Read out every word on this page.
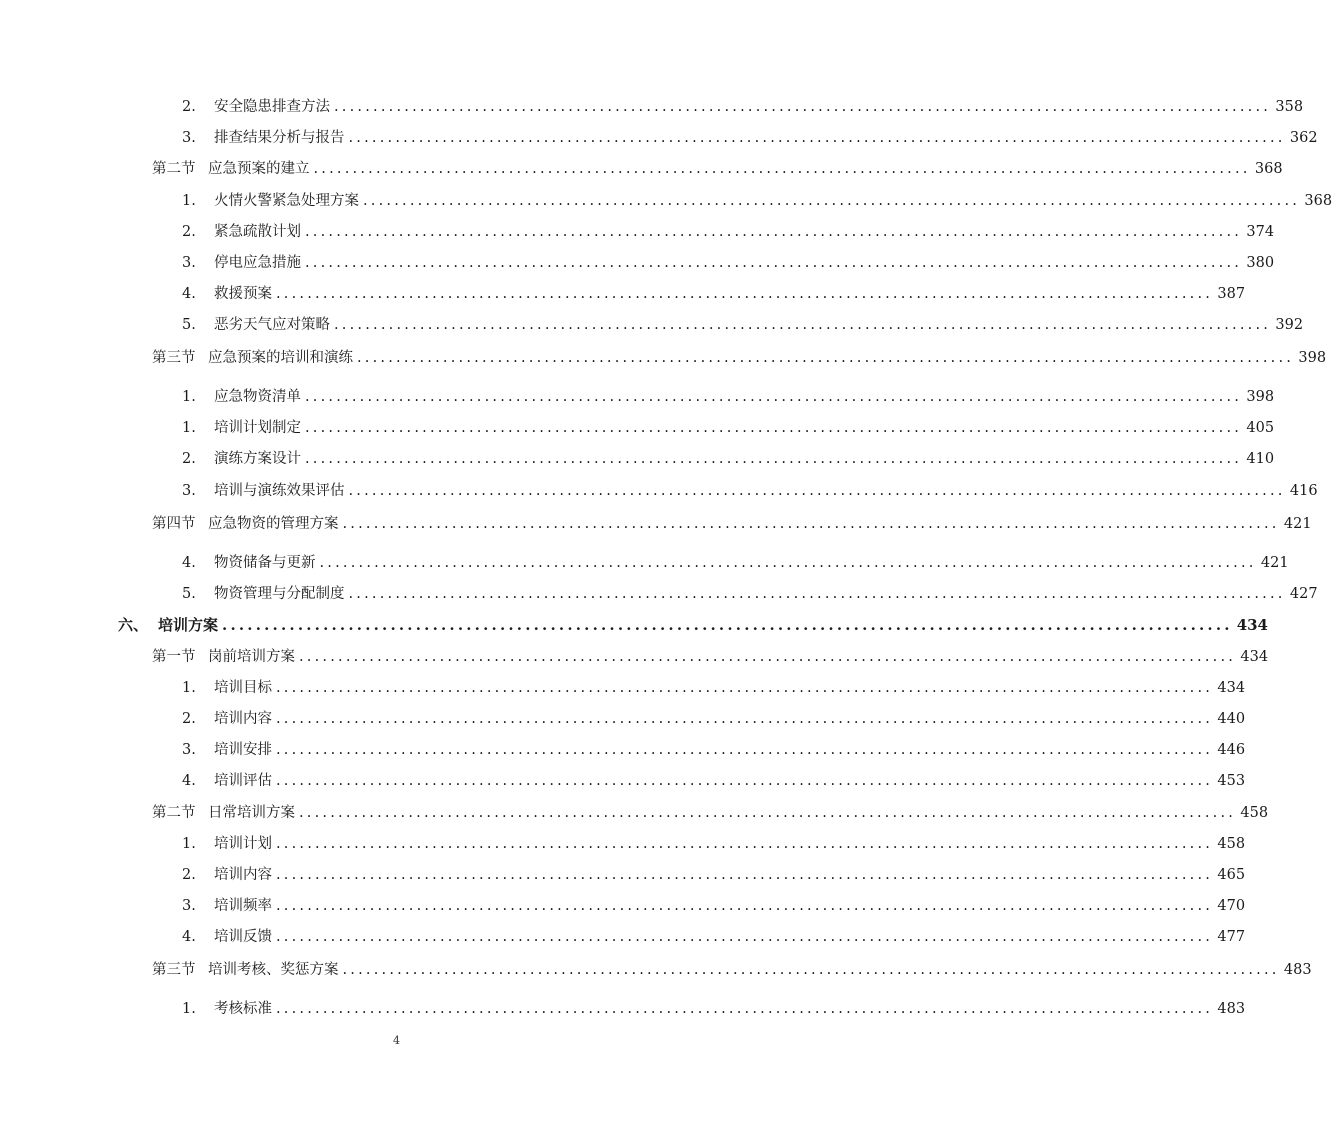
2.	安全隐患排查方法 ........................................................................................................................ 358
3.	排查结果分析与报告 ........................................................................................................................ 362
第二节 应急预案的建立 ........................................................................................................................ 368
1.	火情火警紧急处理方案 ........................................................................................................................ 368
2.	紧急疏散计划 ........................................................................................................................ 374
3.	停电应急措施 ........................................................................................................................ 380
4.	救援预案 ........................................................................................................................ 387
5.	恶劣天气应对策略 ........................................................................................................................ 392
第三节 应急预案的培训和演练 ........................................................................................................................ 398
1.	应急物资清单 ........................................................................................................................ 398
1.	培训计划制定 ........................................................................................................................ 405
2.	演练方案设计 ........................................................................................................................ 410
3.	培训与演练效果评估 ........................................................................................................................ 416
第四节 应急物资的管理方案 ........................................................................................................................ 421
4.	物资储备与更新 ........................................................................................................................ 421
5.	物资管理与分配制度 ........................................................................................................................ 427
六、 培训方案 ........................................................................................................................ 434
第一节 岗前培训方案 ........................................................................................................................ 434
1.	培训目标 ........................................................................................................................ 434
2.	培训内容 ........................................................................................................................ 440
3.	培训安排 ........................................................................................................................ 446
4.	培训评估 ........................................................................................................................ 453
第二节 日常培训方案 ........................................................................................................................ 458
1.	培训计划 ........................................................................................................................ 458
2.	培训内容 ........................................................................................................................ 465
3.	培训频率 ........................................................................................................................ 470
4.	培训反馈 ........................................................................................................................ 477
第三节 培训考核、奖惩方案 ........................................................................................................................ 483
1.	考核标准 ........................................................................................................................ 483
4
